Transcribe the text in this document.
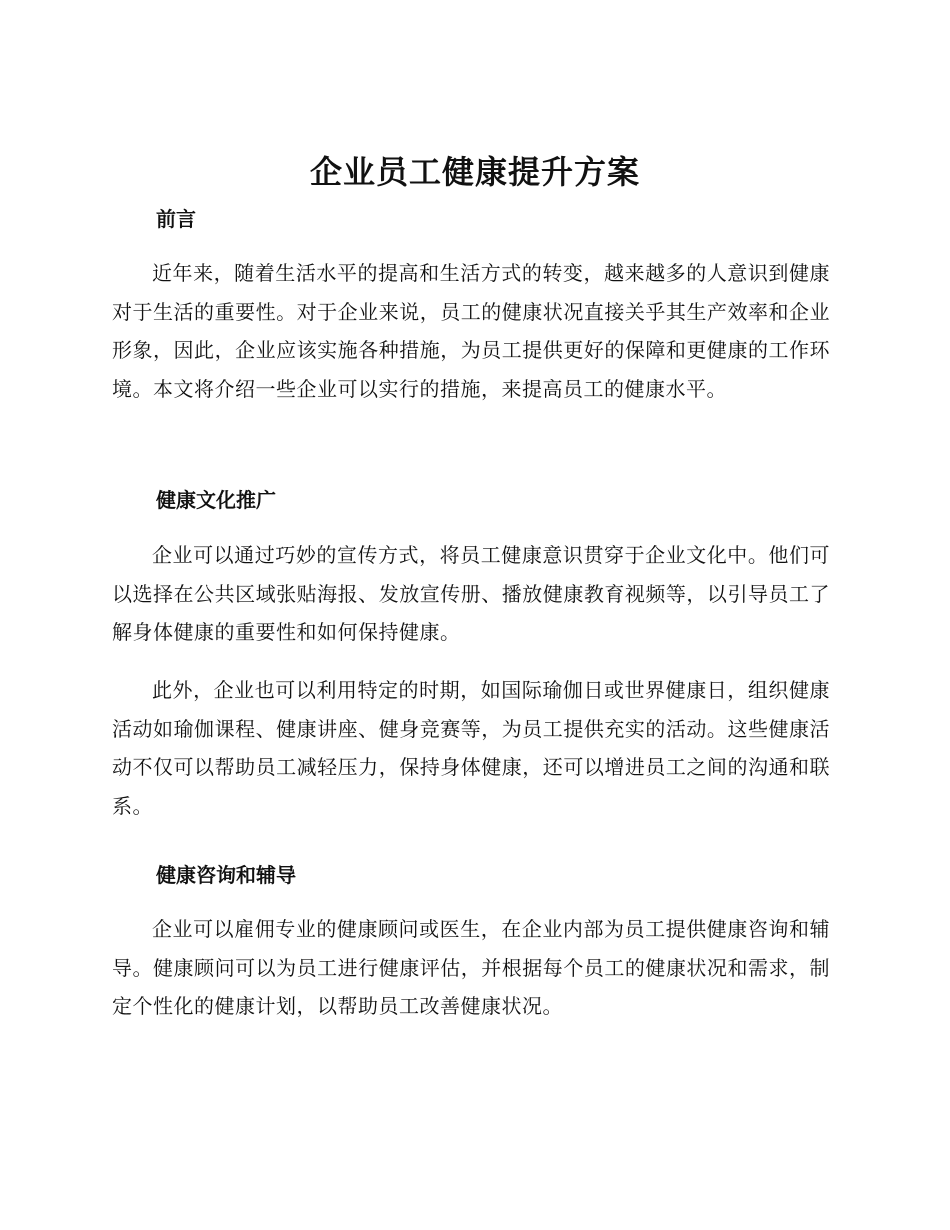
企业员工健康提升方案
前言

近年来，随着生活水平的提高和生活方式的转变，越来越多的人意识到健康对于生活的重要性。对于企业来说，员工的健康状况直接关乎其生产效率和企业形象，因此，企业应该实施各种措施，为员工提供更好的保障和更健康的工作环境。本文将介绍一些企业可以实行的措施，来提高员工的健康水平。

健康文化推广

企业可以通过巧妙的宣传方式，将员工健康意识贯穿于企业文化中。他们可以选择在公共区域张贴海报、发放宣传册、播放健康教育视频等，以引导员工了解身体健康的重要性和如何保持健康。

此外，企业也可以利用特定的时期，如国际瑜伽日或世界健康日，组织健康活动如瑜伽课程、健康讲座、健身竞赛等，为员工提供充实的活动。这些健康活动不仅可以帮助员工减轻压力，保持身体健康，还可以增进员工之间的沟通和联系。

健康咨询和辅导

企业可以雇佣专业的健康顾问或医生，在企业内部为员工提供健康咨询和辅导。健康顾问可以为员工进行健康评估，并根据每个员工的健康状况和需求，制定个性化的健康计划，以帮助员工改善健康状况。
